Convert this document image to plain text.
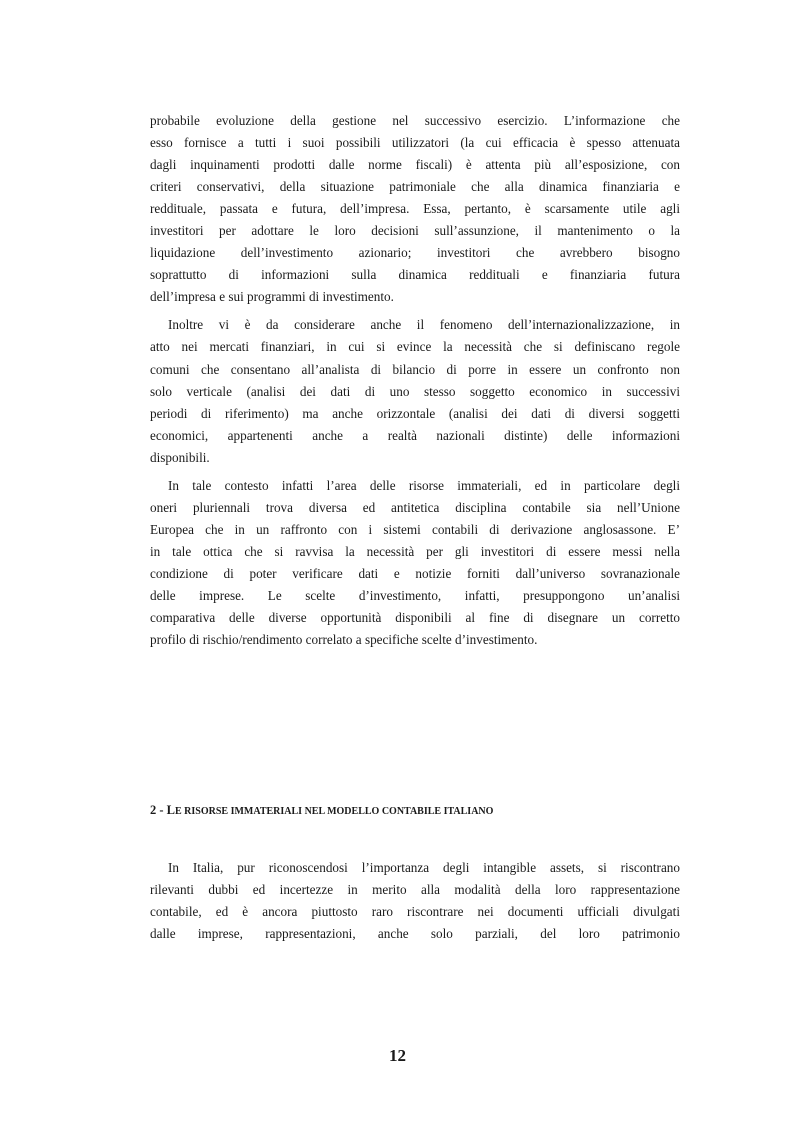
probabile evoluzione della gestione nel successivo esercizio. L’informazione che
esso fornisce a tutti i suoi possibili utilizzatori (la cui efficacia è spesso attenuata
dagli inquinamenti prodotti dalle norme fiscali) è attenta più all’esposizione, con
criteri conservativi, della situazione patrimoniale che alla dinamica finanziaria e
reddituale, passata e futura, dell’impresa. Essa, pertanto, è scarsamente utile agli
investitori per adottare le loro decisioni sull’assunzione, il mantenimento o la
liquidazione dell’investimento azionario; investitori che avrebbero bisogno
soprattutto di informazioni sulla dinamica reddituali e finanziaria futura
dell’impresa e sui programmi di investimento.
Inoltre vi è da considerare anche il fenomeno dell’internazionalizzazione, in
atto nei mercati finanziari, in cui si evince la necessità che si definiscano regole
comuni che consentano all’analista di bilancio di porre in essere un confronto non
solo verticale (analisi dei dati di uno stesso soggetto economico in successivi
periodi di riferimento) ma anche orizzontale (analisi dei dati di diversi soggetti
economici, appartenenti anche a realtà nazionali distinte) delle informazioni
disponibili.
In tale contesto infatti l’area delle risorse immateriali, ed in particolare degli
oneri pluriennali trova diversa ed antitetica disciplina contabile sia nell’Unione
Europea che in un raffronto con i sistemi contabili di derivazione anglosassone. E’
in tale ottica che si ravvisa la necessità per gli investitori di essere messi nella
condizione di poter verificare dati e notizie forniti dall’universo sovranazionale
delle imprese. Le scelte d’investimento, infatti, presuppongono un’analisi
comparativa delle diverse opportunità disponibili al fine di disegnare un corretto
profilo di rischio/rendimento correlato a specifiche scelte d’investimento.
2 - LE RISORSE IMMATERIALI NEL MODELLO CONTABILE ITALIANO
In Italia, pur riconoscendosi l’importanza degli intangible assets, si riscontrano
rilevanti dubbi ed incertezze in merito alla modalità della loro rappresentazione
contabile, ed è ancora piuttosto raro riscontrare nei documenti ufficiali divulgati
dalle imprese, rappresentazioni, anche solo parziali, del loro patrimonio
12
